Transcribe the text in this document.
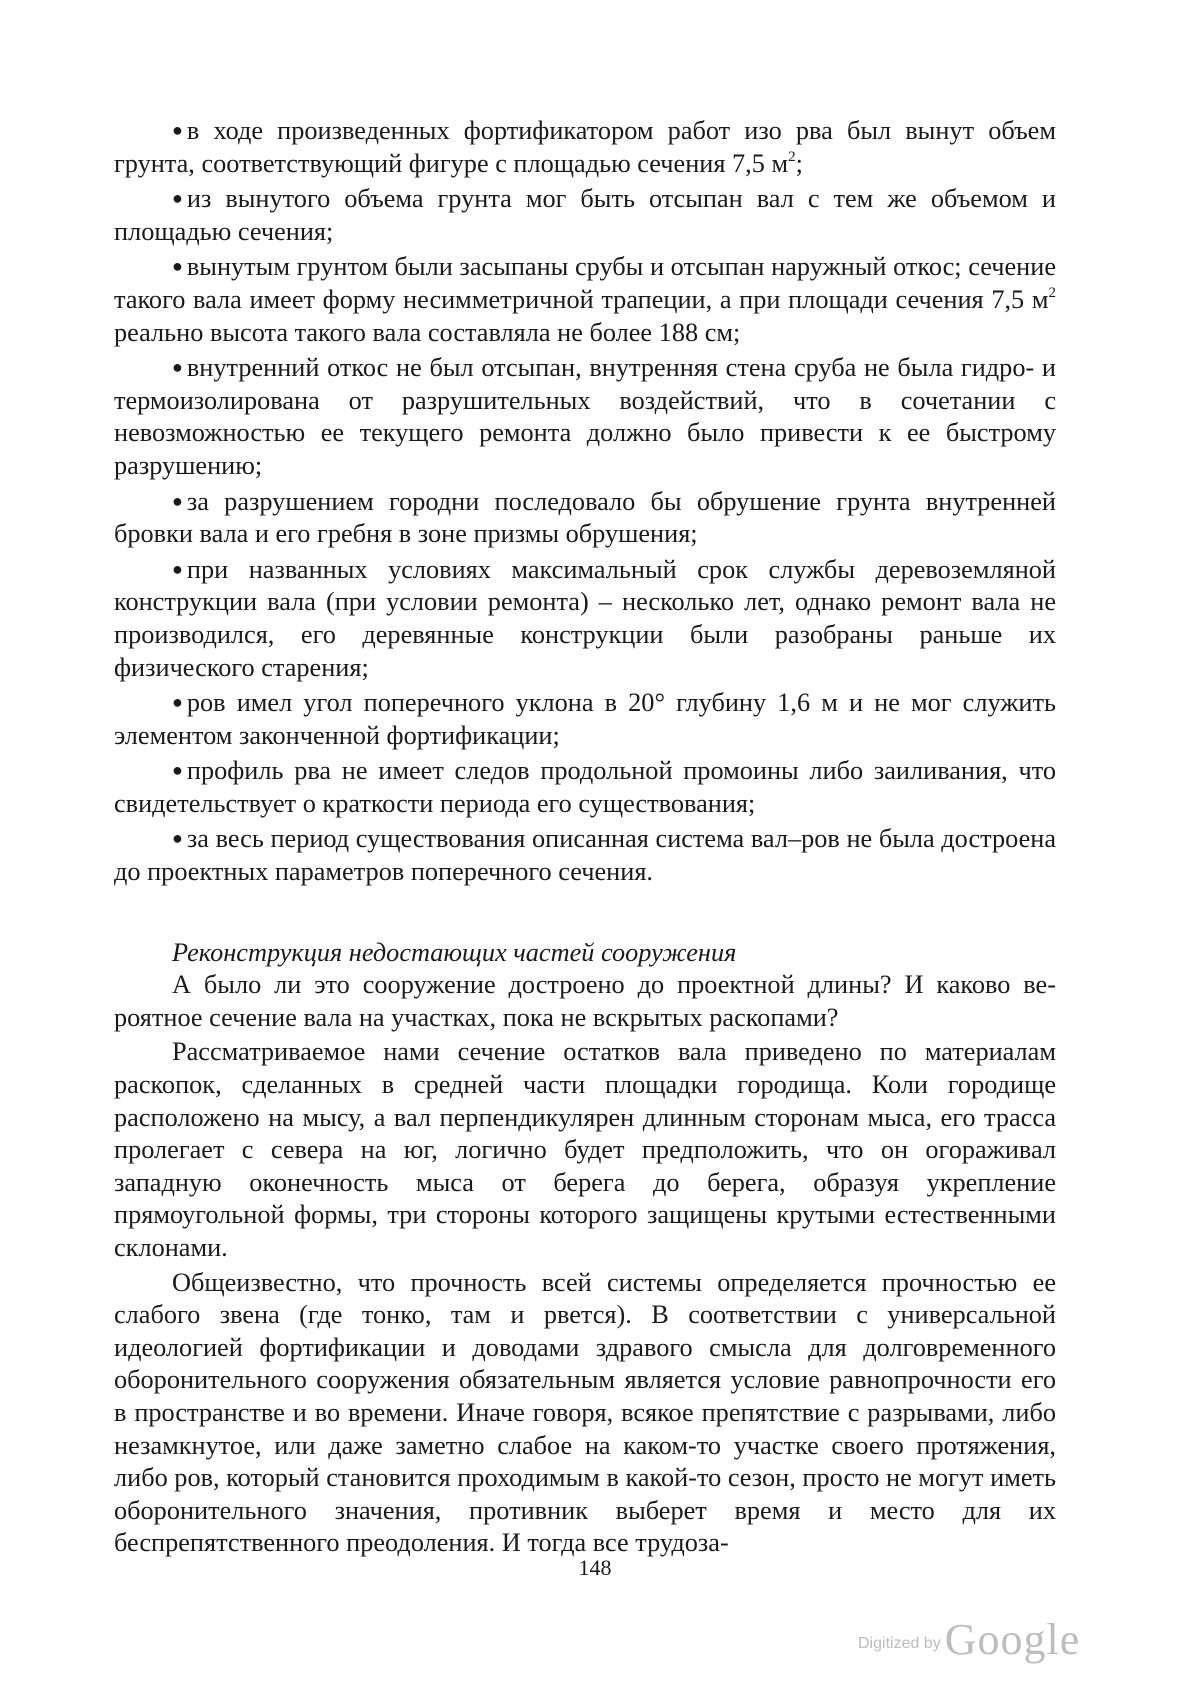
● в ходе произведенных фортификатором работ изо рва был вынут объем грунта, соответствующий фигуре с площадью сечения 7,5 $м^2$;

● из вынутого объема грунта мог быть отсыпан вал с тем же объемом и площадью сечения;

● вынутым грунтом были засыпаны срубы и отсыпан наружный откос; сечение такого вала имеет форму несимметричной трапеции, а при площади сечения 7,5 $м^2$ реально высота такого вала составляла не более 188 см;

● внутренний откос не был отсыпан, внутренняя стена сруба не была гидро- и термоизолирована от разрушительных воздействий, что в сочетании с невозможностью ее текущего ремонта должно было привести к ее быстрому разрушению;

● за разрушением городни последовало бы обрушение грунта внутренней бровки вала и его гребня в зоне призмы обрушения;

● при названных условиях максимальный срок службы деревоземляной конструкции вала (при условии ремонта) – несколько лет, однако ремонт вала не производился, его деревянные конструкции были разобраны раньше их физического старения;

● ров имел угол поперечного уклона в 20° глубину 1,6 м и не мог служить элементом законченной фортификации;

● профиль рва не имеет следов продольной промоины либо заиливания, что свидетельствует о краткости периода его существования;

● за весь период существования описанная система вал–ров не была достроена до проектных параметров поперечного сечения.

Реконструкция недостающих частей сооружения

А было ли это сооружение достроено до проектной длины? И каково вероятное сечение вала на участках, пока не вскрытых раскопами?

Рассматриваемое нами сечение остатков вала приведено по материалам раскопок, сделанных в средней части площадки городища. Коли городище расположено на мысу, а вал перпендикулярен длинным сторонам мыса, его трасса пролегает с севера на юг, логично будет предположить, что он огораживал западную оконечность мыса от берега до берега, образуя укрепление прямоугольной формы, три стороны которого защищены крутыми естественными склонами.

Общеизвестно, что прочность всей системы определяется прочностью ее слабого звена (где тонко, там и рвется). В соответствии с универсальной идеологией фортификации и доводами здравого смысла для долговременного оборонительного сооружения обязательным является условие равнопрочности его в пространстве и во времени. Иначе говоря, всякое препятствие с разрывами, либо незамкнутое, или даже заметно слабое на каком-то участке своего протяжения, либо ров, который становится проходимым в какой-то сезон, просто не могут иметь оборонительного значения, противник выберет время и место для их беспрепятственного преодоления. И тогда все трудоза-

148
Digitized by Google
